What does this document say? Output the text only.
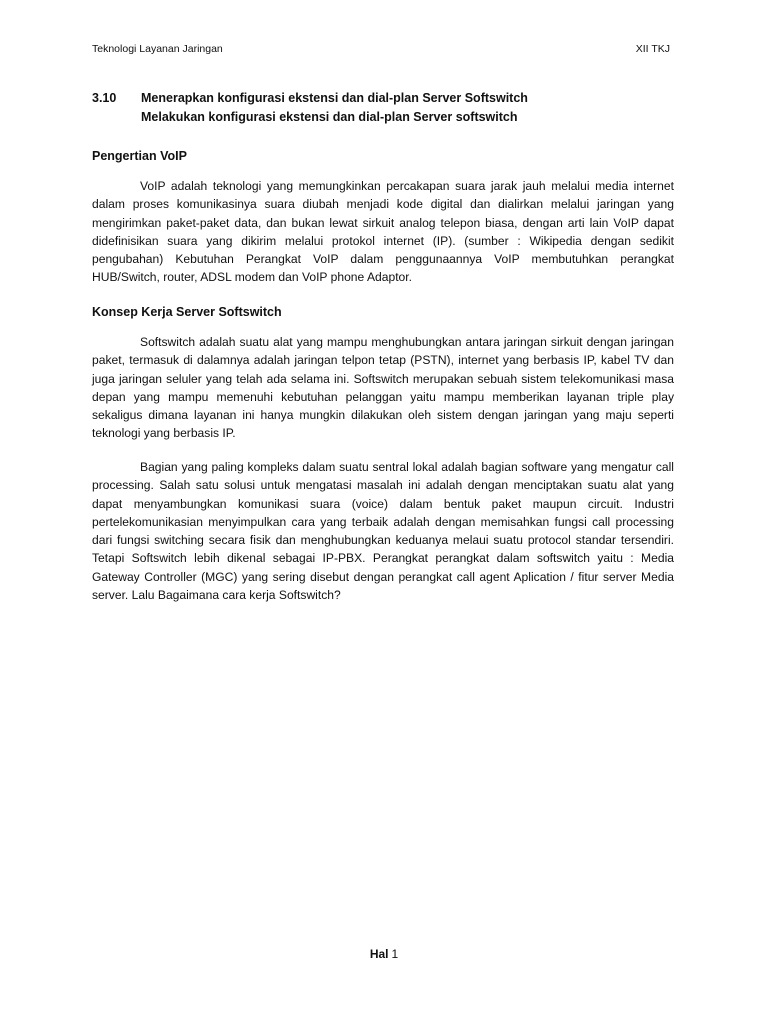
Teknologi Layanan Jaringan	XII TKJ
3.10 Menerapkan konfigurasi ekstensi dan dial-plan Server Softswitch
Melakukan konfigurasi ekstensi dan dial-plan Server softswitch
Pengertian VoIP

VoIP adalah teknologi yang memungkinkan percakapan suara jarak jauh melalui media internet dalam proses komunikasinya suara diubah menjadi kode digital dan dialirkan melalui jaringan yang mengirimkan paket-paket data, dan bukan lewat sirkuit analog telepon biasa, dengan arti lain VoIP dapat didefinisikan suara yang dikirim melalui protokol internet (IP). (sumber : Wikipedia dengan sedikit pengubahan) Kebutuhan Perangkat VoIP dalam penggunaannya VoIP membutuhkan perangkat HUB/Switch, router, ADSL modem dan VoIP phone Adaptor.

Konsep Kerja Server Softswitch

Softswitch adalah suatu alat yang mampu menghubungkan antara jaringan sirkuit dengan jaringan paket, termasuk di dalamnya adalah jaringan telpon tetap (PSTN), internet yang berbasis IP, kabel TV dan juga jaringan seluler yang telah ada selama ini. Softswitch merupakan sebuah sistem telekomunikasi masa depan yang mampu memenuhi kebutuhan pelanggan yaitu mampu memberikan layanan triple play sekaligus dimana layanan ini hanya mungkin dilakukan oleh sistem dengan jaringan yang maju seperti teknologi yang berbasis IP.

Bagian yang paling kompleks dalam suatu sentral lokal adalah bagian software yang mengatur call processing. Salah satu solusi untuk mengatasi masalah ini adalah dengan menciptakan suatu alat yang dapat menyambungkan komunikasi suara (voice) dalam bentuk paket maupun circuit. Industri pertelekomunikasian menyimpulkan cara yang terbaik adalah dengan memisahkan fungsi call processing dari fungsi switching secara fisik dan menghubungkan keduanya melaui suatu protocol standar tersendiri. Tetapi Softswitch lebih dikenal sebagai IP-PBX. Perangkat perangkat dalam softswitch yaitu : Media Gateway Controller (MGC) yang sering disebut dengan perangkat call agent Aplication / fitur server Media server. Lalu Bagaimana cara kerja Softswitch?

Hal 1
